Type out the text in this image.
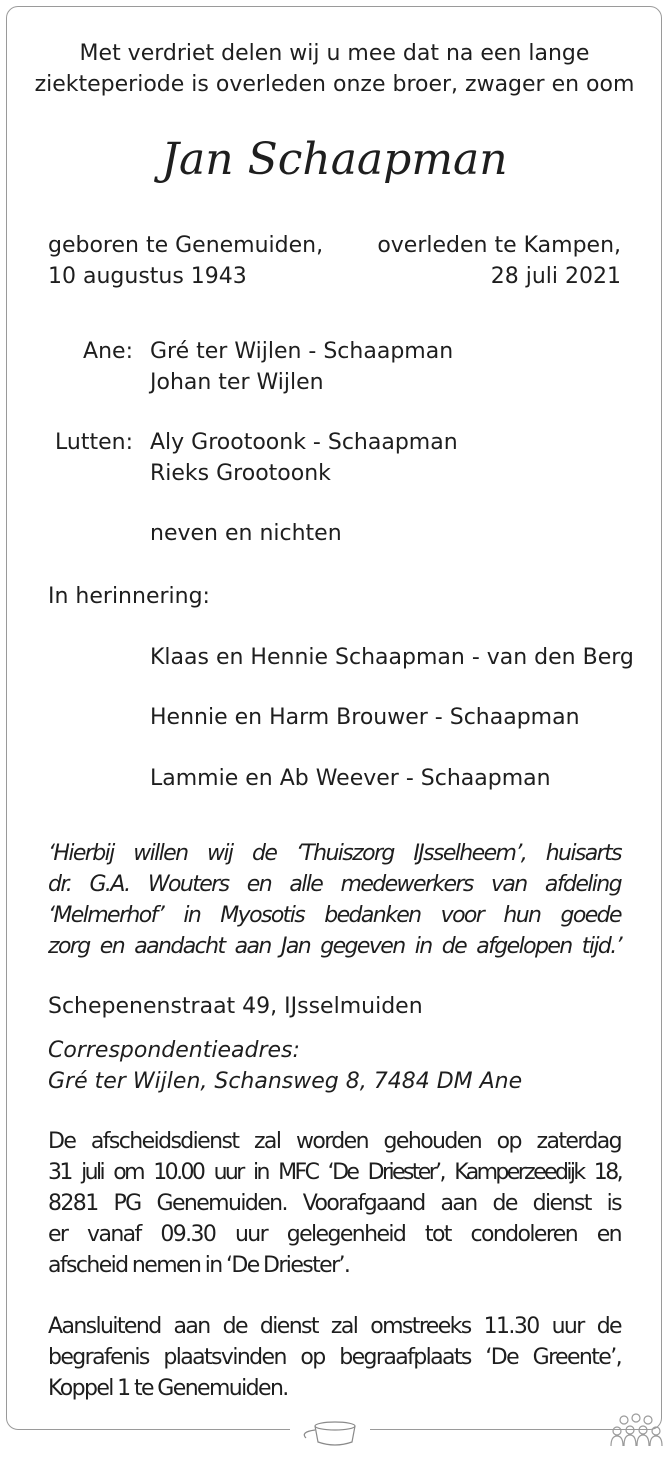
Met verdriet delen wij u mee dat na een lange
ziekteperiode is overleden onze broer, zwager en oom
Jan Schaapman
geboren te Genemuiden,
10 augustus 1943
overleden te Kampen,
28 juli 2021
Ane: Gré ter Wijlen - Schaapman
Johan ter Wijlen
Lutten: Aly Grootoonk - Schaapman
Rieks Grootoonk
neven en nichten
In herinnering:
Klaas en Hennie Schaapman - van den Berg
Hennie en Harm Brouwer - Schaapman
Lammie en Ab Weever - Schaapman
‘Hierbij willen wij de ‘Thuiszorg IJsselheem’, huisarts
dr. G.A. Wouters en alle medewerkers van afdeling
‘Melmerhof’ in Myosotis bedanken voor hun goede
zorg en aandacht aan Jan gegeven in de afgelopen tijd.’
Schepenenstraat 49, IJsselmuiden
Correspondentieadres:
Gré ter Wijlen, Schansweg 8, 7484 DM Ane
De afscheidsdienst zal worden gehouden op zaterdag
31 juli om 10.00 uur in MFC ‘De Driester’, Kamperzeedijk 18,
8281 PG Genemuiden. Voorafgaand aan de dienst is
er vanaf 09.30 uur gelegenheid tot condoleren en
afscheid nemen in ‘De Driester’.
Aansluitend aan de dienst zal omstreeks 11.30 uur de
begrafenis plaatsvinden op begraafplaats ‘De Greente’,
Koppel 1 te Genemuiden.
